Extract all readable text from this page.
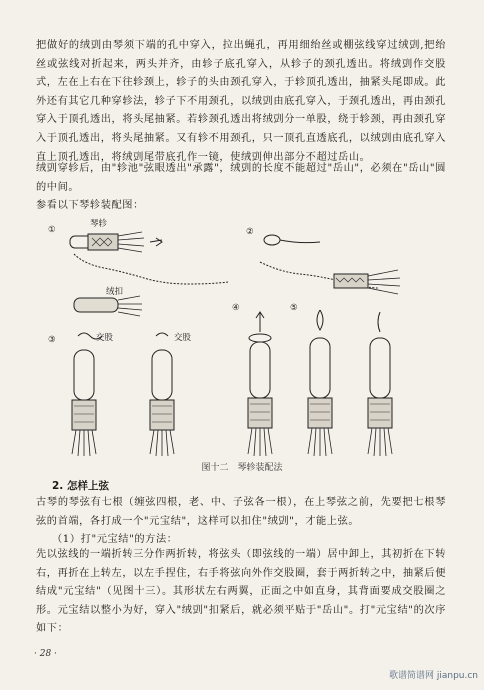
把做好的绒剅由琴须下端的孔中穿入，拉出蝇孔，再用细绐丝或棚弦线穿过绒剅,把绐丝或弦线对折起来，两头并齐，由轸子底孔穿入，从轸子的颈孔透出。将绒剅作交股式，左在上右在下往轸颈上，轸子的头由颈孔穿入，于轸顶孔透出，抽紧头尾即成。此外还有其它几种穿轸法，轸子下不用颈孔，以绒剅由底孔穿入，于颈孔透出，再由颈孔穿入于顶孔透出，将头尾抽紧。若轸颈孔透出将绒剅分一单股，绕于轸颈，再由颈孔穿入于顶孔透出，将头尾抽紧。又有轸不用颈孔，只一顶孔直透底孔，以绒剅由底孔穿入直上顶孔透出，将绒剅尾带底孔作一镜，使绒剅伸出部分不超过岳山。

绒剅穿轸后，由"轸池"弦眼透出"承露"，绒剅的长度不能超过"岳山"，必须在"岳山"圆的中间。

参看以下琴轸装配图：

①
琴轸
绒扣
②
③	交股	交股
④	⑤
图十二　琴轸装配法
2. 怎样上弦

古琴的琴弦有七根（缠弦四根，老、中、子弦各一根），在上琴弦之前，先要把七根琴弦的首端，各打成一个"元宝结"，这样可以扣住"绒剅"，才能上弦。

（1）打"元宝结"的方法：

先以弦线的一端折转三分作两折转，将弦头（即弦线的一端）居中卸上，其初折在下转右，再折在上转左，以左手捏住，右手将弦向外作交股圈，套于两折转之中，抽紧后便结成"元宝结"（见图十三）。其形状左右两翼，正面之中如直身，其背面要成交股圈之形。元宝结以整小为好，穿入"绒剅"扣紧后，就必须平贴于"岳山"。打"元宝结"的次序如下：

· 28 ·
歌谱简谱网 jianpu.cn
